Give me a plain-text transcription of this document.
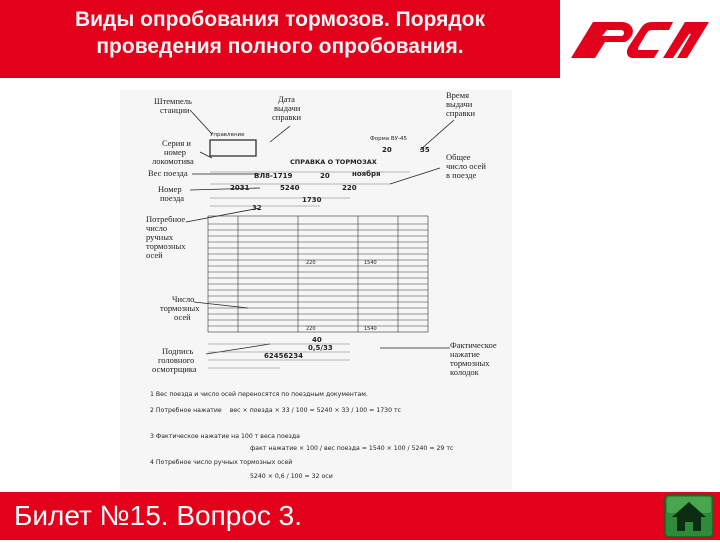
Виды опробования тормозов. Порядок
проведения полного опробования.
Штемпель станции
Серия и номер локомотива
Вес поезда
Номер поезда
Потребное число ручных тормозных осей
Число тормозных осей
Подпись головного осмотрщика
Дата выдачи справки
Время выдачи справки
Общее число осей в поезде
Фактическое нажатие тормозных колодок
Управление
Форма ВУ-45
СПРАВКА О ТОРМОЗАХ
20	35
ВЛ8-1719	20	ноября
2031	5240	220
1730
32
220	1540
220	1540
40
0,5/33
62456234
1 Вес поезда и число осей переносятся по поездным документам.
2 Потребное нажатие вес × поезда × 33 / 100 = 5240 × 33 / 100 = 1730 тс
3 Фактическое нажатие на 100 т веса поезда
факт нажатие × 100 / вес поезда = 1540 × 100 / 5240 = 29 тс
4 Потребное число ручных тормозных осей
5240 × 0,6 / 100 = 32 оси
Билет №15. Вопрос 3.
